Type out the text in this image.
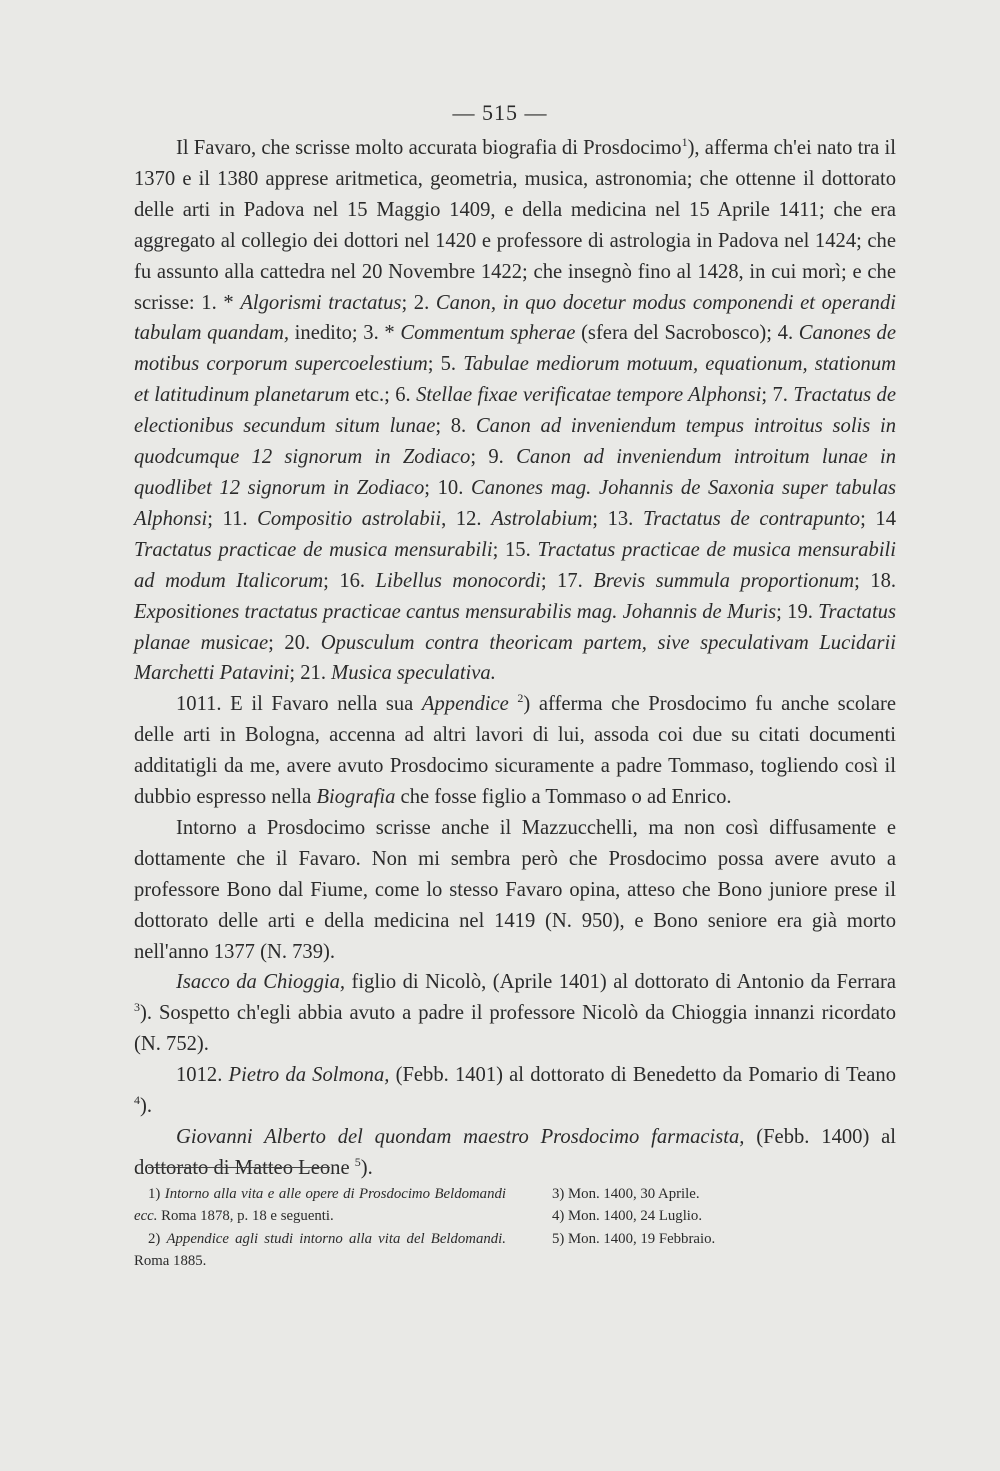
— 515 —

Il Favaro, che scrisse molto accurata biografia di Prosdocimo$^1$), afferma ch'ei nato tra il 1370 e il 1380 apprese aritmetica, geometria, musica, astronomia; che ottenne il dottorato delle arti in Padova nel 15 Maggio 1409, e della medicina nel 15 Aprile 1411; che era aggregato al collegio dei dottori nel 1420 e professore di astrologia in Padova nel 1424; che fu assunto alla cattedra nel 20 Novembre 1422; che insegnò fino al 1428, in cui morì; e che scrisse: 1. * Algorismi tractatus; 2. Canon, in quo docetur modus componendi et operandi tabulam quandam, inedito; 3. * Commentum spherae (sfera del Sacrobosco); 4. Canones de motibus corporum supercoelestium; 5. Tabulae mediorum motuum, equationum, stationum et latitudinum planetarum etc.; 6. Stellae fixae verificatae tempore Alphonsi; 7. Tractatus de electionibus secundum situm lunae; 8. Canon ad inveniendum tempus introitus solis in quodcumque 12 signorum in Zodiaco; 9. Canon ad inveniendum introitum lunae in quodlibet 12 signorum in Zodiaco; 10. Canones mag. Johannis de Saxonia super tabulas Alphonsi; 11. Compositio astrolabii, 12. Astrolabium; 13. Tractatus de contrapunto; 14 Tractatus practicae de musica mensurabili; 15. Tractatus practicae de musica mensurabili ad modum Italicorum; 16. Libellus monocordi; 17. Brevis summula proportionum; 18. Expositiones tractatus practicae cantus mensurabilis mag. Johannis de Muris; 19. Tractatus planae musicae; 20. Opusculum contra theoricam partem, sive speculativam Lucidarii Marchetti Patavini; 21. Musica speculativa.

1011. E il Favaro nella sua Appendice $^2$) afferma che Prosdocimo fu anche scolare delle arti in Bologna, accenna ad altri lavori di lui, assoda coi due su citati documenti additatigli da me, avere avuto Prosdocimo sicuramente a padre Tommaso, togliendo così il dubbio espresso nella Biografia che fosse figlio a Tommaso o ad Enrico.

Intorno a Prosdocimo scrisse anche il Mazzucchelli, ma non così diffusamente e dottamente che il Favaro. Non mi sembra però che Prosdocimo possa avere avuto a professore Bono dal Fiume, come lo stesso Favaro opina, atteso che Bono juniore prese il dottorato delle arti e della medicina nel 1419 (N. 950), e Bono seniore era già morto nell'anno 1377 (N. 739).

Isacco da Chioggia, figlio di Nicolò, (Aprile 1401) al dottorato di Antonio da Ferrara $^3$). Sospetto ch'egli abbia avuto a padre il professore Nicolò da Chioggia innanzi ricordato (N. 752).

1012. Pietro da Solmona, (Febb. 1401) al dottorato di Benedetto da Pomario di Teano $^4$).

Giovanni Alberto del quondam maestro Prosdocimo farmacista, (Febb. 1400) al dottorato di Matteo Leone $^5$).

1) Intorno alla vita e alle opere di Prosdocimo Beldomandi ecc. Roma 1878, p. 18 e seguenti.

2) Appendice agli studi intorno alla vita del Beldomandi. Roma 1885.

3) Mon. 1400, 30 Aprile.

4) Mon. 1400, 24 Luglio.

5) Mon. 1400, 19 Febbraio.
